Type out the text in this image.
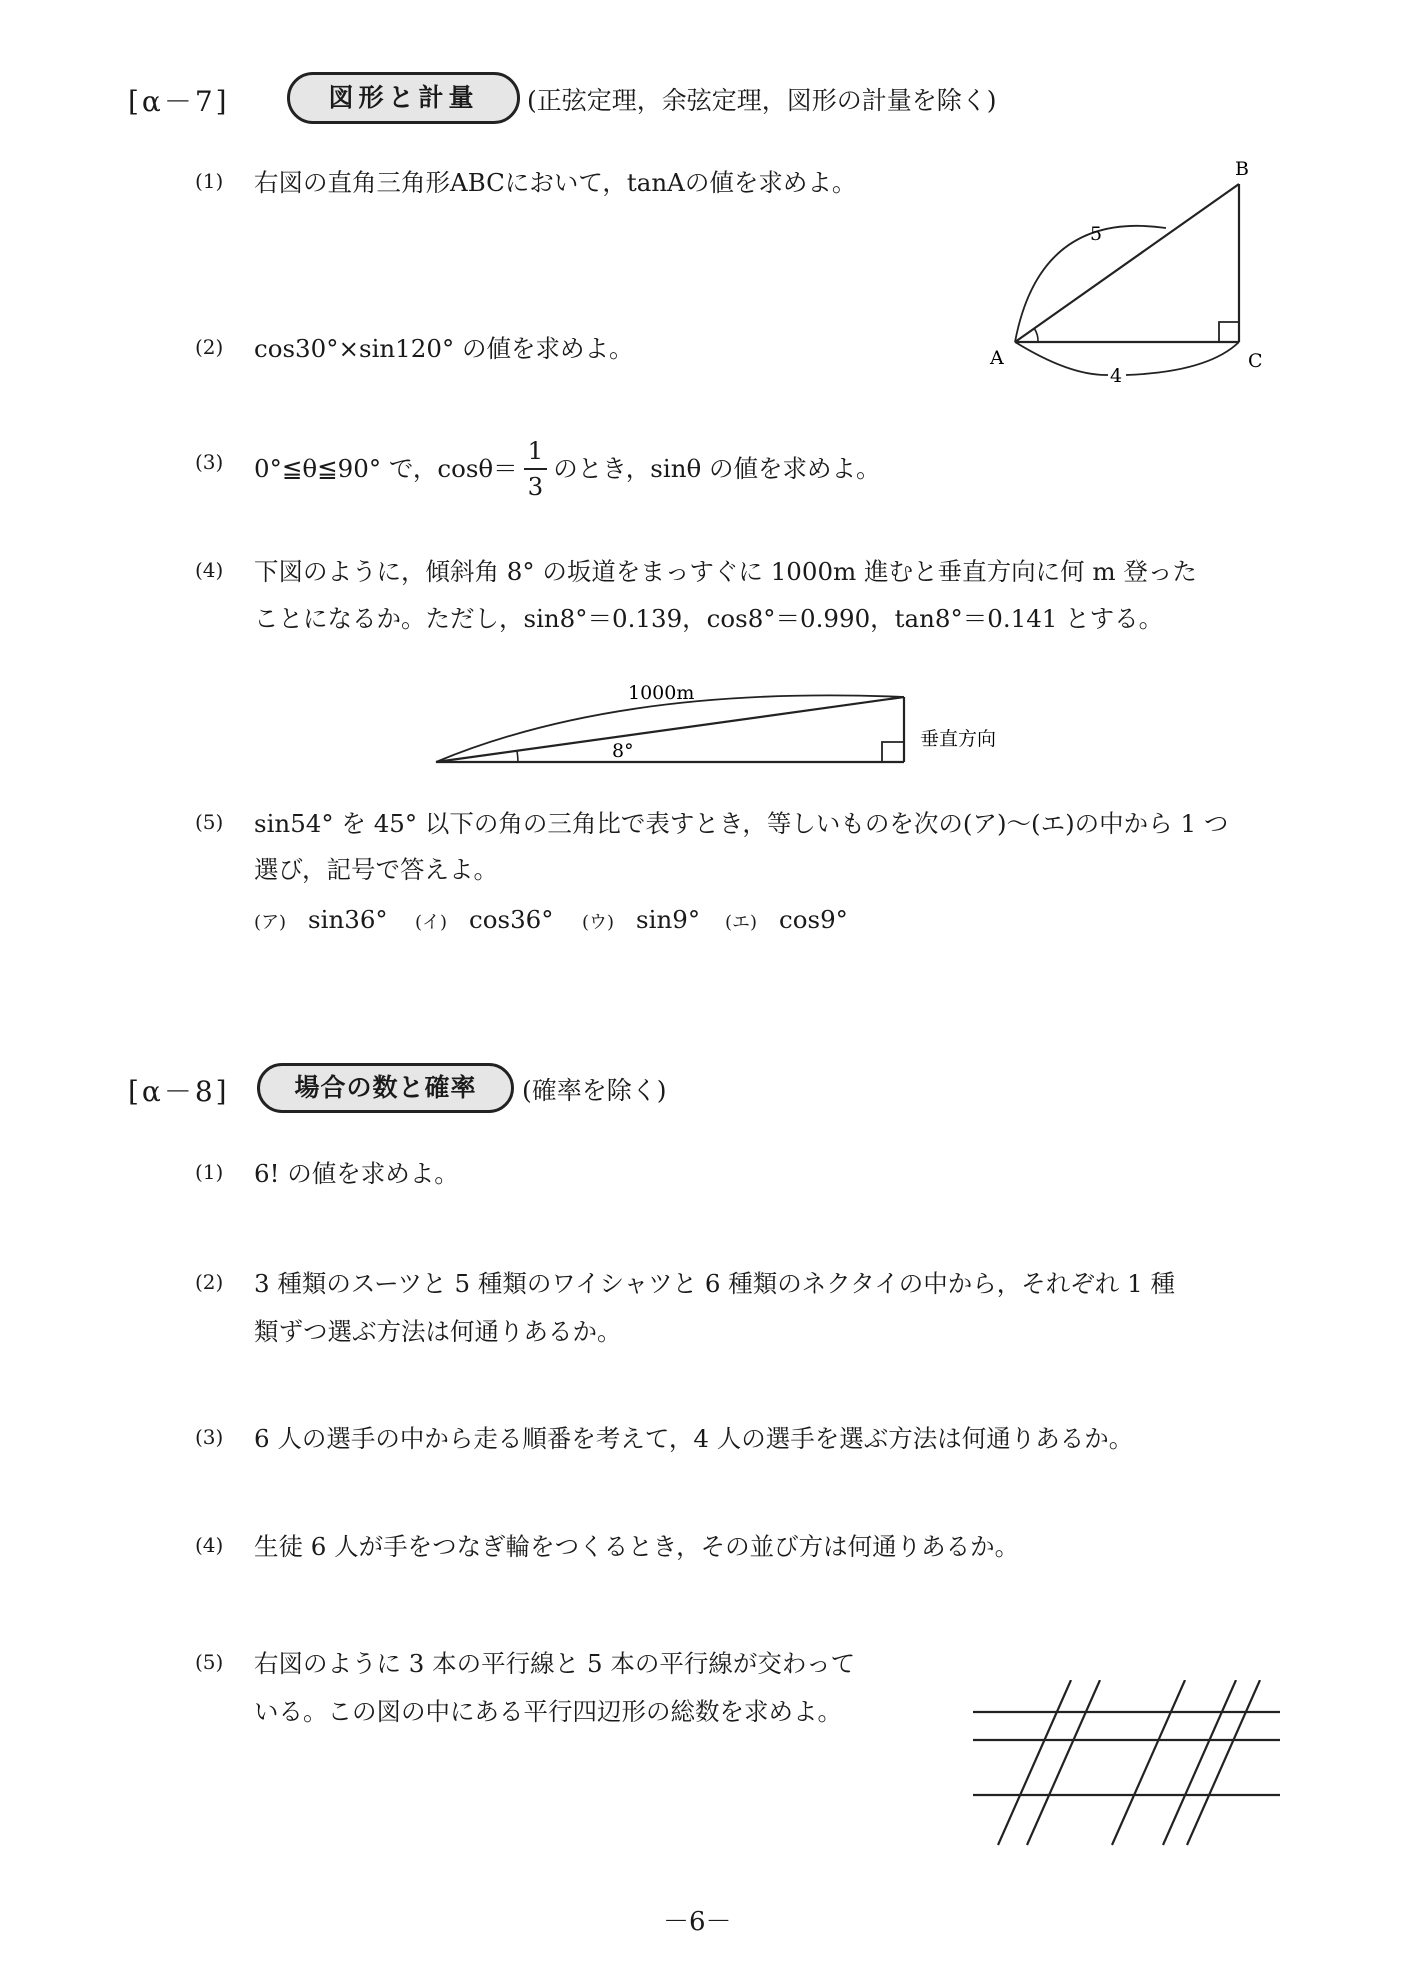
[α－7]	図形と計量	(正弦定理，余弦定理，図形の計量を除く)
(1) 右図の直角三角形ABCにおいて，tanAの値を求めよ。
(2) cos30°×sin120° の値を求めよ。
(3) 0°≦θ≦90° で，$\cos\theta= \frac{1}{3}$ のとき，sinθ の値を求めよ。
(4) 下図のように，傾斜角 8° の坂道をまっすぐに 1000m 進むと垂直方向に何 m 登った
ことになるか。ただし，sin8°＝0.139，cos8°＝0.990，tan8°＝0.141 とする。
(5) sin54° を 45° 以下の角の三角比で表すとき，等しいものを次の(ア)〜(エ)の中から 1 つ
選び，記号で答えよ。
(ア) sin36° (イ) cos36° (ウ) sin9° (エ) cos9°
B
A	C
5
4
1000m
8°
垂直方向
[α－8]	場合の数と確率	(確率を除く)
(1) 6! の値を求めよ。
(2) 3 種類のスーツと 5 種類のワイシャツと 6 種類のネクタイの中から，それぞれ 1 種
類ずつ選ぶ方法は何通りあるか。
(3) 6 人の選手の中から走る順番を考えて，4 人の選手を選ぶ方法は何通りあるか。
(4) 生徒 6 人が手をつなぎ輪をつくるとき，その並び方は何通りあるか。
(5) 右図のように 3 本の平行線と 5 本の平行線が交わって
いる。この図の中にある平行四辺形の総数を求めよ。
－6－
